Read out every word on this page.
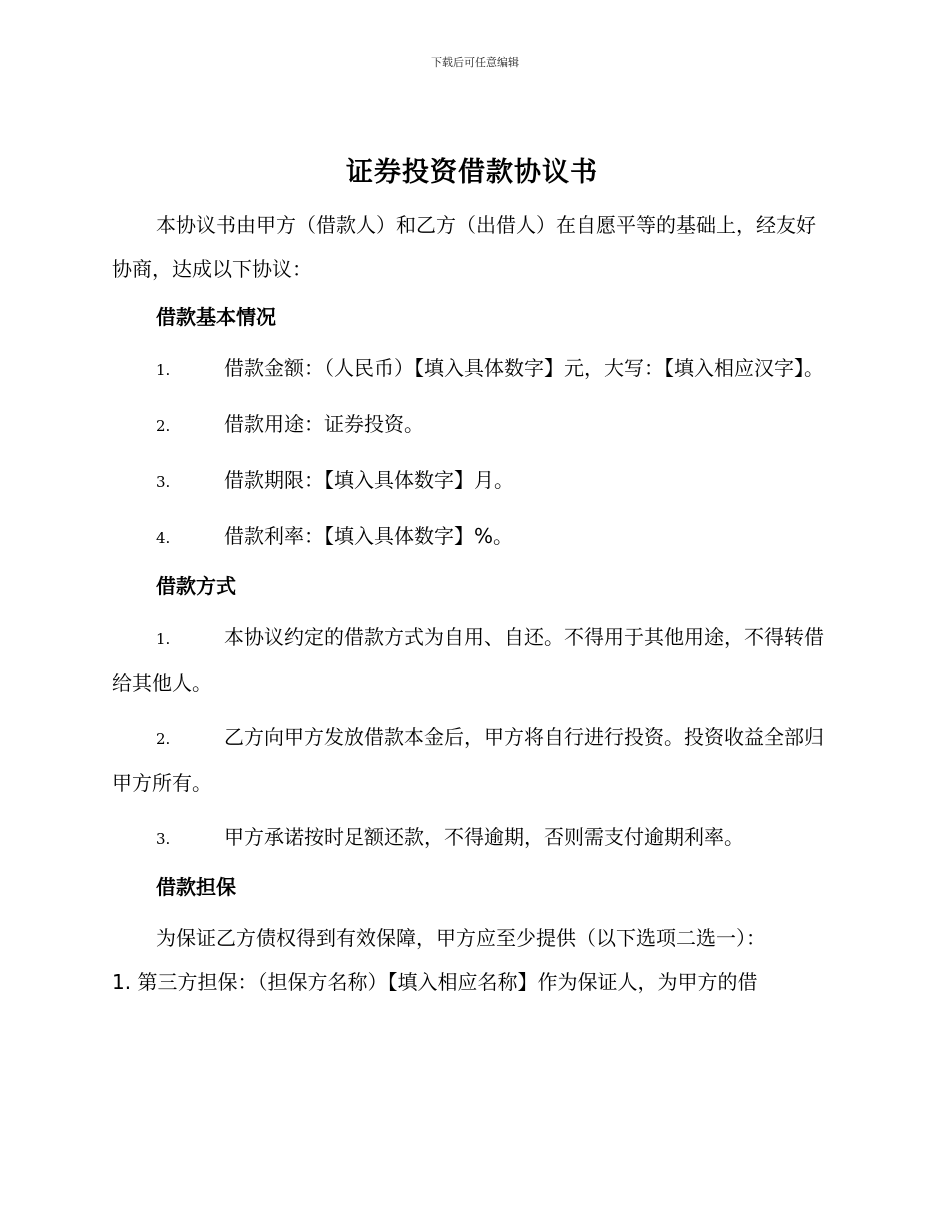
下载后可任意编辑
证券投资借款协议书

本协议书由甲方（借款人）和乙方（出借人）在自愿平等的基础上，经友好协商，达成以下协议：

借款基本情况
1.	借款金额：（人民币）【填入具体数字】元，大写：【填入相应汉字】。
2.	借款用途：证券投资。
3.	借款期限：【填入具体数字】月。
4.	借款利率：【填入具体数字】%。
借款方式
1.	本协议约定的借款方式为自用、自还。不得用于其他用途，不得转借给其他人。
2.	乙方向甲方发放借款本金后，甲方将自行进行投资。投资收益全部归甲方所有。
3.	甲方承诺按时足额还款，不得逾期，否则需支付逾期利率。
借款担保

为保证乙方债权得到有效保障，甲方应至少提供（以下选项二选一）：

1. 第三方担保：（担保方名称）【填入相应名称】作为保证人，为甲方的借
